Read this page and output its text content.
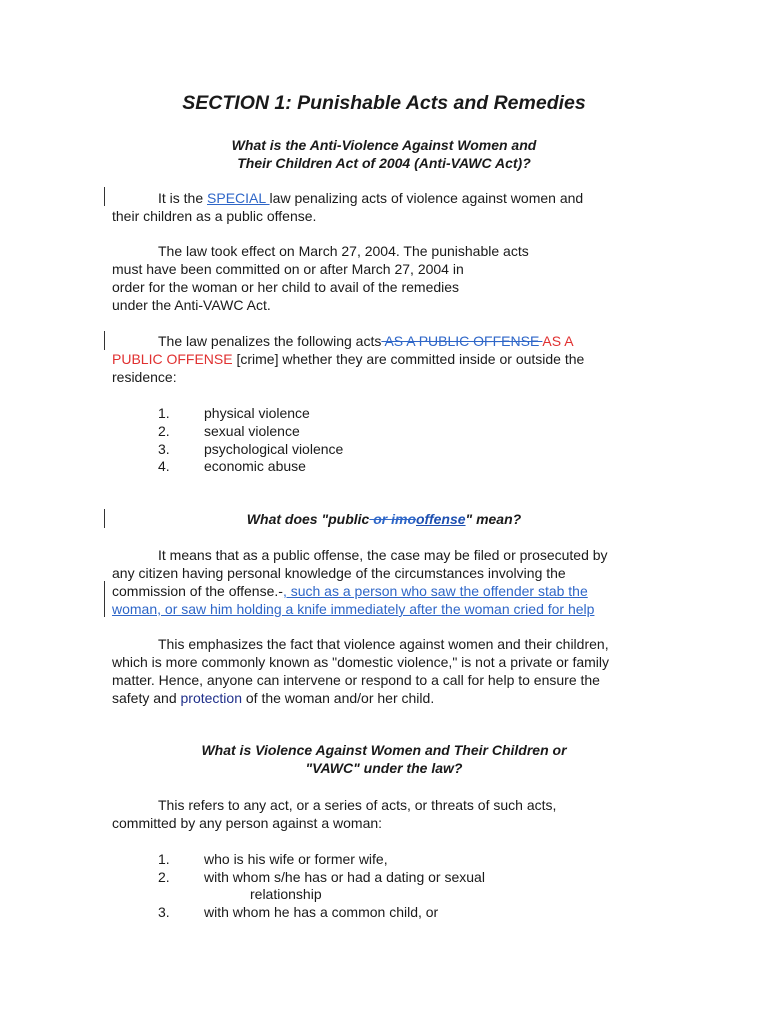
SECTION 1: Punishable Acts and Remedies
What is the Anti-Violence Against Women and
Their Children Act of 2004 (Anti-VAWC Act)?
It is the SPECIAL law penalizing acts of violence against women and
their children as a public offense.
The law took effect on March 27, 2004. The punishable acts
must have been committed on or after March 27, 2004 in
order for the woman or her child to avail of the remedies
under the Anti-VAWC Act.
The law penalizes the following acts AS A PUBLIC OFFENSE AS A
PUBLIC OFFENSE [crime] whether they are committed inside or outside the
residence:
1. physical violence
2. sexual violence
3. psychological violence
4. economic abuse
What does "public or imooffense" mean?
It means that as a public offense, the case may be filed or prosecuted by
any citizen having personal knowledge of the circumstances involving the
commission of the offense.-, such as a person who saw the offender stab the
woman, or saw him holding a knife immediately after the woman cried for help
This emphasizes the fact that violence against women and their children,
which is more commonly known as "domestic violence," is not a private or family
matter. Hence, anyone can intervene or respond to a call for help to ensure the
safety and protection of the woman and/or her child.
What is Violence Against Women and Their Children or
"VAWC" under the law?
This refers to any act, or a series of acts, or threats of such acts,
committed by any person against a woman:
1. who is his wife or former wife,
2. with whom s/he has or had a dating or sexual
relationship
3. with whom he has a common child, or
